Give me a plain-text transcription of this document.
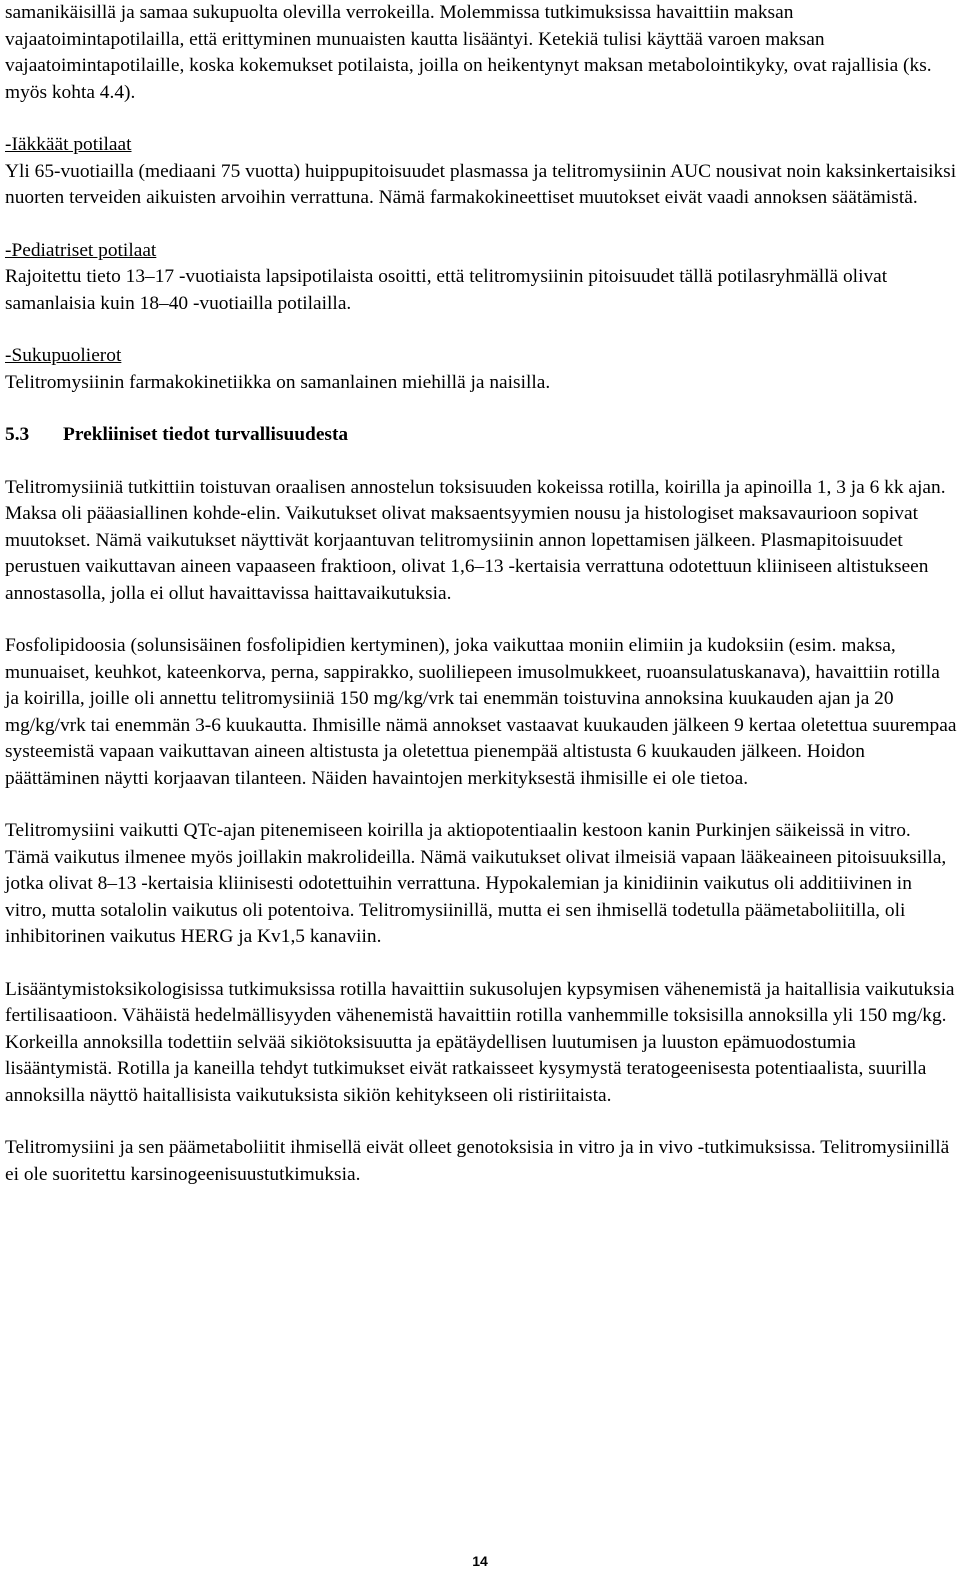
samanikäisillä ja samaa sukupuolta olevilla verrokeilla. Molemmissa tutkimuksissa havaittiin maksan vajaatoimintapotilailla, että erittyminen munuaisten kautta lisääntyi. Ketekiä tulisi käyttää varoen maksan vajaatoimintapotilaille, koska kokemukset potilaista, joilla on heikentynyt maksan metabolointikyky, ovat rajallisia (ks. myös kohta 4.4).

-Iäkkäät potilaat

Yli 65-vuotiailla (mediaani 75 vuotta) huippupitoisuudet plasmassa ja telitromysiinin AUC nousivat noin kaksinkertaisiksi nuorten terveiden aikuisten arvoihin verrattuna. Nämä farmakokineettiset muutokset eivät vaadi annoksen säätämistä.

-Pediatriset potilaat

Rajoitettu tieto 13–17 -vuotiaista lapsipotilaista osoitti, että telitromysiinin pitoisuudet tällä potilasryhmällä olivat samanlaisia kuin 18–40 -vuotiailla potilailla.

-Sukupuolierot

Telitromysiinin farmakokinetiikka on samanlainen miehillä ja naisilla.

5.3 Prekliiniset tiedot turvallisuudesta

Telitromysiiniä tutkittiin toistuvan oraalisen annostelun toksisuuden kokeissa rotilla, koirilla ja apinoilla 1, 3 ja 6 kk ajan. Maksa oli pääasiallinen kohde-elin. Vaikutukset olivat maksaentsyymien nousu ja histologiset maksavaurioon sopivat muutokset. Nämä vaikutukset näyttivät korjaantuvan telitromysiinin annon lopettamisen jälkeen. Plasmapitoisuudet perustuen vaikuttavan aineen vapaaseen fraktioon, olivat 1,6–13 -kertaisia verrattuna odotettuun kliiniseen altistukseen annostasolla, jolla ei ollut havaittavissa haittavaikutuksia.

Fosfolipidoosia (solunsisäinen fosfolipidien kertyminen), joka vaikuttaa moniin elimiin ja kudoksiin (esim. maksa, munuaiset, keuhkot, kateenkorva, perna, sappirakko, suoliliepeen imusolmukkeet, ruoansulatuskanava), havaittiin rotilla ja koirilla, joille oli annettu telitromysiiniä 150 mg/kg/vrk tai enemmän toistuvina annoksina kuukauden ajan ja 20 mg/kg/vrk tai enemmän 3-6 kuukautta. Ihmisille nämä annokset vastaavat kuukauden jälkeen 9 kertaa oletettua suurempaa systeemistä vapaan vaikuttavan aineen altistusta ja oletettua pienempää altistusta 6 kuukauden jälkeen. Hoidon päättäminen näytti korjaavan tilanteen. Näiden havaintojen merkityksestä ihmisille ei ole tietoa.

Telitromysiini vaikutti QTc-ajan pitenemiseen koirilla ja aktiopotentiaalin kestoon kanin Purkinjen säikeissä in vitro. Tämä vaikutus ilmenee myös joillakin makrolideilla. Nämä vaikutukset olivat ilmeisiä vapaan lääkeaineen pitoisuuksilla, jotka olivat 8–13 -kertaisia kliinisesti odotettuihin verrattuna. Hypokalemian ja kinidiinin vaikutus oli additiivinen in vitro, mutta sotalolin vaikutus oli potentoiva. Telitromysiinillä, mutta ei sen ihmisellä todetulla päämetaboliitilla, oli inhibitorinen vaikutus HERG ja Kv1,5 kanaviin.

Lisääntymistoksikologisissa tutkimuksissa rotilla havaittiin sukusolujen kypsymisen vähenemistä ja haitallisia vaikutuksia fertilisaatioon. Vähäistä hedelmällisyyden vähenemistä havaittiin rotilla vanhemmille toksisilla annoksilla yli 150 mg/kg. Korkeilla annoksilla todettiin selvää sikiötoksisuutta ja epätäydellisen luutumisen ja luuston epämuodostumia lisääntymistä. Rotilla ja kaneilla tehdyt tutkimukset eivät ratkaisseet kysymystä teratogeenisesta potentiaalista, suurilla annoksilla näyttö haitallisista vaikutuksista sikiön kehitykseen oli ristiriitaista.

Telitromysiini ja sen päämetaboliitit ihmisellä eivät olleet genotoksisia in vitro ja in vivo -tutkimuksissa. Telitromysiinillä ei ole suoritettu karsinogeenisuustutkimuksia.

14
